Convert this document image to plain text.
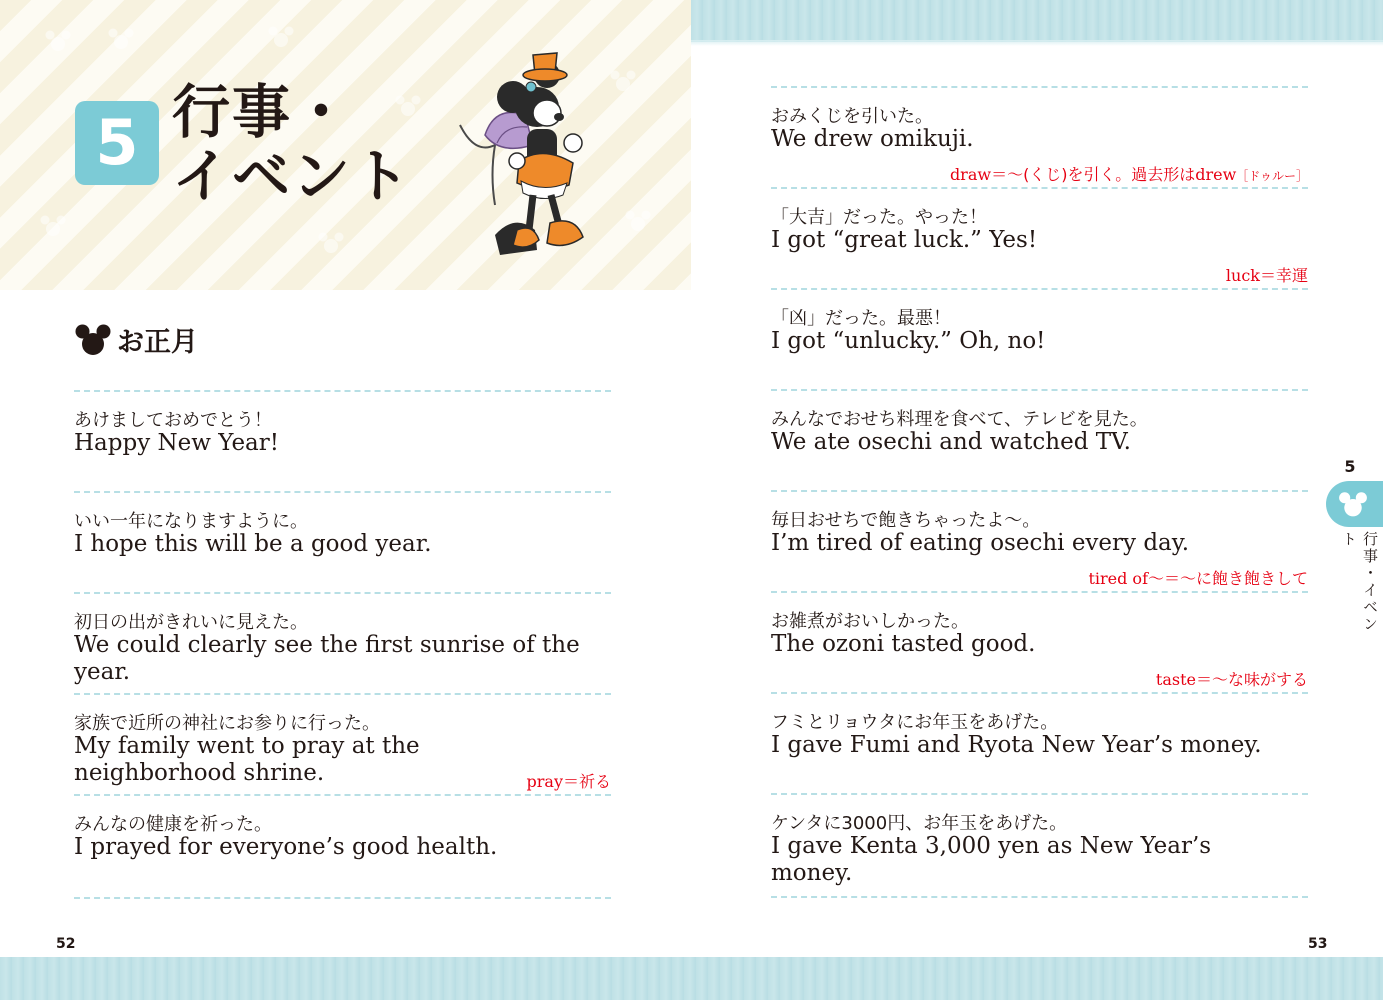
5 行事・
イベント
お正月
あけましておめでとう！
Happy New Year!
いい一年になりますように。
I hope this will be a good year.
初日の出がきれいに見えた。
We could clearly see the first sunrise of the year.
家族で近所の神社にお参りに行った。
My family went to pray at the neighborhood shrine.	pray＝祈る
みんなの健康を祈った。
I prayed for everyone’s good health.
おみくじを引いた。
We drew omikuji.
draw＝〜(くじ)を引く。過去形はdrew［ドゥルー］
「大吉」だった。やった！
I got “great luck.” Yes!
luck＝幸運
「凶」だった。最悪！
I got “unlucky.” Oh, no!
みんなでおせち料理を食べて、テレビを見た。
We ate osechi and watched TV.
毎日おせちで飽きちゃったよ〜。
I’m tired of eating osechi every day.
tired of〜＝〜に飽き飽きして
お雑煮がおいしかった。
The ozoni tasted good.
taste＝〜な味がする
フミとリョウタにお年玉をあげた。
I gave Fumi and Ryota New Year’s money.
ケンタに3000円、お年玉をあげた。
I gave Kenta 3,000 yen as New Year’s money.
5
行事・イベント
52	53
